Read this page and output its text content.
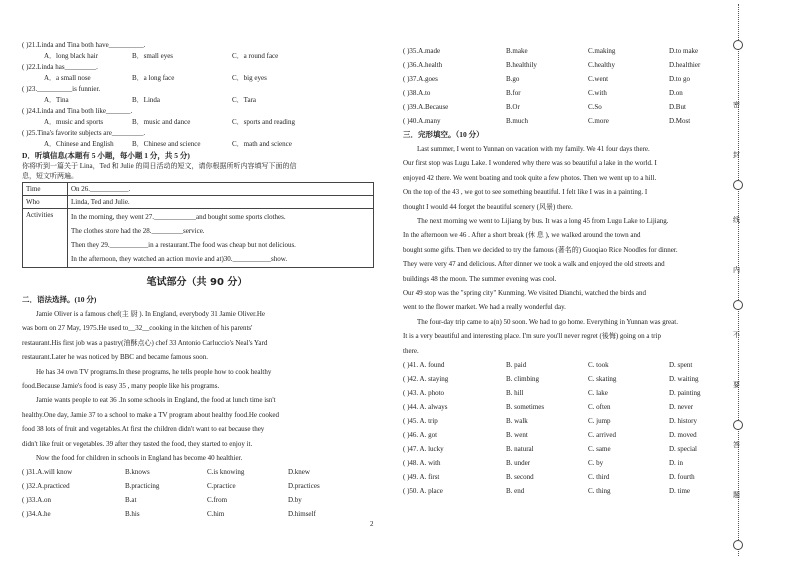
( )21.Linda and Tina both have__________.
A．long black hair	B．small eyes	C．a round face
( )22.Linda has_________.
A．a small nose	B．a long face	C．big eyes
( )23.__________is funnier.
A．Tina	B．Linda	C．Tara
( )24.Linda and Tina both like_______.
A．music and sports	B．music and dance	C．sports and reading
( )25.Tina's favorite subjects are_________.
A．Chinese and English	B．Chinese and science	C．math and science
D．听填信息(本题有 5 小题，每小题 1 分，共 5 分)
你将听到一篇关于 Lina，Ted 和 Julie 的周日活动的短文，请你根据所听内容填写下面的信
息，短文听两遍。
Time	On 26.___________.
Who	Linda, Ted and Julie.
Activities	In the morning, they went 27.____________and bought some sports clothes.
The clothes store had the 28._________service.
Then they 29.___________in a restaurant.The food was cheap but not delicious.
In the afternoon, they watched an action movie and at)30.___________show.
笔试部分（共 90 分）
二．语法选择。(10 分)
Jamie Oliver is a famous chef(主 厨 ). In England, everybody 31 Jamie Oliver.He
was born on 27 May, 1975.He used to__32__cooking in the kitchen of his parents'
restaurant.His first job was a pastry(油酥点心) chef 33 Antonio Carluccio's Neal's Yard
restaurant.Later he was noticed by BBC and became famous soon.
He has 34 own TV programs.In these programs, he tells people how to cook healthy
food.Because Jamie's food is easy 35 , many people like his programs.
Jamie wants people to eat 36 .In some schools in England, the food at lunch time isn't
healthy.One day, Jamie 37 to a school to make a TV program about healthy food.He cooked
food 38 lots of fruit and vegetables.At first the children didn't want to eat because they
didn't like fruit or vegetables. 39 after they tasted the food, they started to enjoy it.
Now the food for children in schools in England has become 40 healthier.
( )31.A.will know	B.knows	C.is knowing	D.knew
( )32.A.practiced	B.practicing	C.practice	D.practices
( )33.A.on	B.at	C.from	D.by
( )34.A.he	B.his	C.him	D.himself
( )35.A.made	B.make	C.making	D.to make
( )36.A.health	B.healthily	C.healthy	D.healthier
( )37.A.goes	B.go	C.went	D.to go
( )38.A.to	B.for	C.with	D.on
( )39.A.Because	B.Or	C.So	D.But
( )40.A.many	B.much	C.more	D.Most
三．完形填空。（10 分）
Last summer, I went to Yunnan on vacation with my family. We 41 four days there.
Our first stop was Lugu Lake. I wondered why there was so beautiful a lake in the world. I
enjoyed 42 there. We went boating and took quite a few photos. Then we went up to a hill.
On the top of the 43 , we got to see something beautiful. I felt like I was in a painting. I
thought I would 44 forget the beautiful scenery (风景) there.
The next morning we went to Lijiang by bus. It was a long 45 from Lugu Lake to Lijiang.
In the afternoon we 46 . After a short break (休 息 ), we walked around the town and
bought some gifts. Then we decided to try the famous (著名的) Guoqiao Rice Noodles for dinner.
They were very 47 and delicious. After dinner we took a walk and enjoyed the old streets and
buildings 48 the moon. The summer evening was cool.
Our 49 stop was the "spring city" Kunming. We visited Dianchi, watched the birds and
went to the flower market. We had a really wonderful day.
The four-day trip came to a(n) 50 soon. We had to go home. Everything in Yunnan was great.
It is a very beautiful and interesting place. I'm sure you'll never regret (後悔) going on a trip
there.
( )41. A. found	B. paid	C. took	D. spent
( )42. A. staying	B. climbing	C. skating	D. waiting
( )43. A. photo	B. hill	C. lake	D. painting
( )44. A. always	B. sometimes	C. often	D. never
( )45. A. trip	B. walk	C. jump	D. history
( )46. A. got	B. went	C. arrived	D. moved
( )47. A. lucky	B. natural	C. same	D. special
( )48. A. with	B. under	C. by	D. in
( )49. A. first	B. second	C. third	D. fourth
( )50. A. place	B. end	C. thing	D. time
密
封
线
内
不
要
答
题
2
